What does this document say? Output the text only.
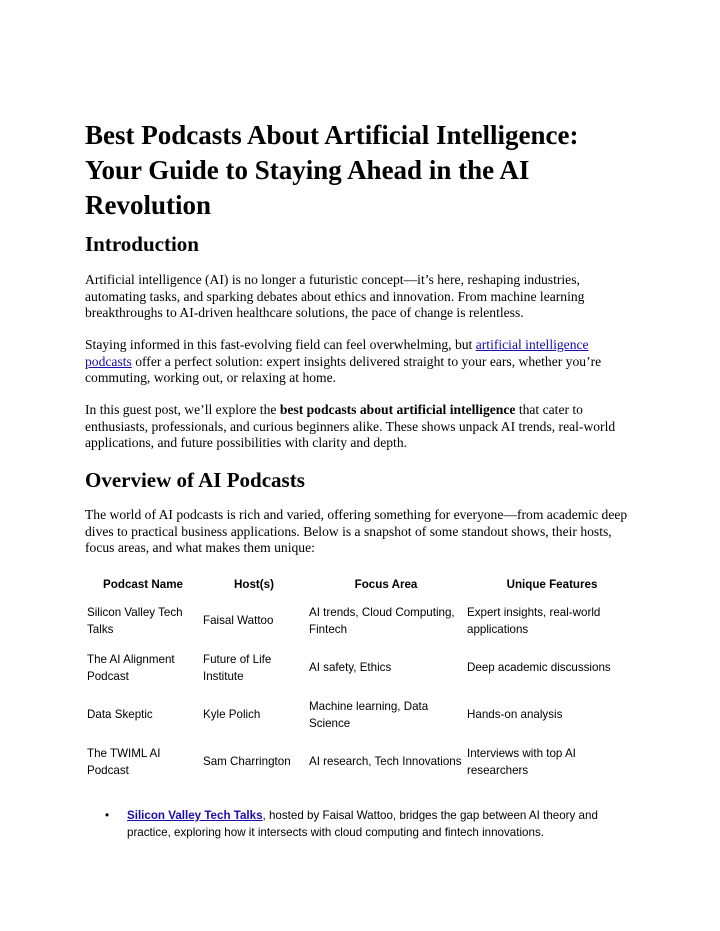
Best Podcasts About Artificial Intelligence: Your Guide to Staying Ahead in the AI Revolution
Introduction

Artificial intelligence (AI) is no longer a futuristic concept—it’s here, reshaping industries, automating tasks, and sparking debates about ethics and innovation. From machine learning breakthroughs to AI-driven healthcare solutions, the pace of change is relentless.

Staying informed in this fast-evolving field can feel overwhelming, but artificial intelligence podcasts offer a perfect solution: expert insights delivered straight to your ears, whether you’re commuting, working out, or relaxing at home.

In this guest post, we’ll explore the best podcasts about artificial intelligence that cater to enthusiasts, professionals, and curious beginners alike. These shows unpack AI trends, real-world applications, and future possibilities with clarity and depth.

Overview of AI Podcasts

The world of AI podcasts is rich and varied, offering something for everyone—from academic deep dives to practical business applications. Below is a snapshot of some standout shows, their hosts, focus areas, and what makes them unique:

Podcast Name	Host(s)	Focus Area	Unique Features
Silicon Valley Tech Talks	Faisal Wattoo	AI trends, Cloud Computing, Fintech	Expert insights, real-world applications
The AI Alignment Podcast	Future of Life Institute	AI safety, Ethics	Deep academic discussions
Data Skeptic	Kyle Polich	Machine learning, Data Science	Hands-on analysis
The TWIML AI Podcast	Sam Charrington	AI research, Tech Innovations	Interviews with top AI researchers
• Silicon Valley Tech Talks, hosted by Faisal Wattoo, bridges the gap between AI theory and practice, exploring how it intersects with cloud computing and fintech innovations.
